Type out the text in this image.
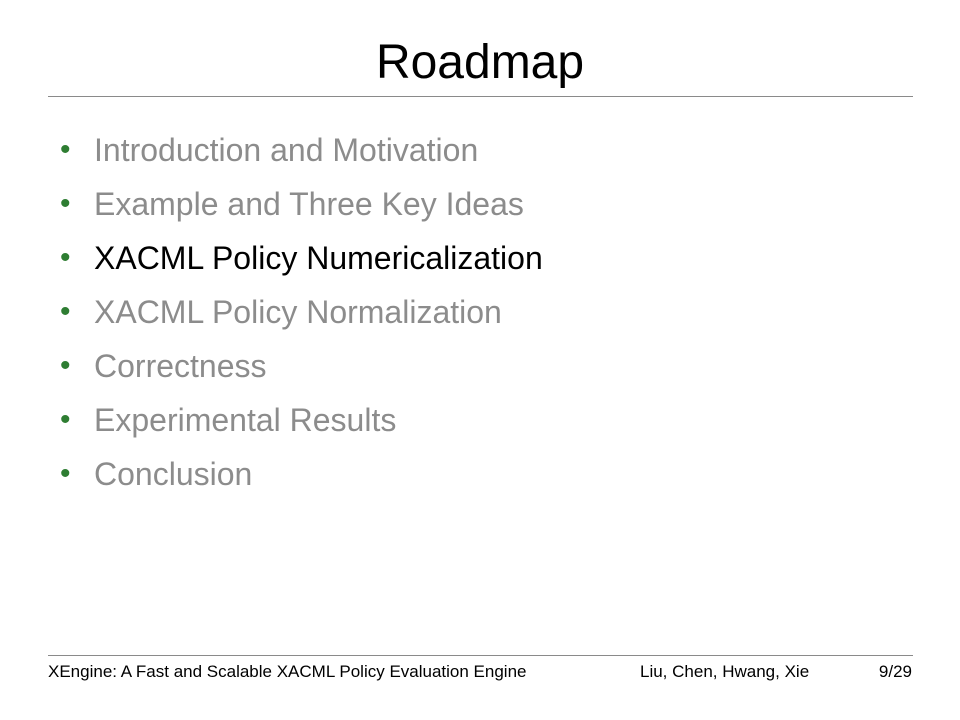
Roadmap
• Introduction and Motivation
• Example and Three Key Ideas
• XACML Policy Numericalization
• XACML Policy Normalization
• Correctness
• Experimental Results
• Conclusion
XEngine: A Fast and Scalable XACML Policy Evaluation Engine	Liu, Chen, Hwang, Xie	9/29
